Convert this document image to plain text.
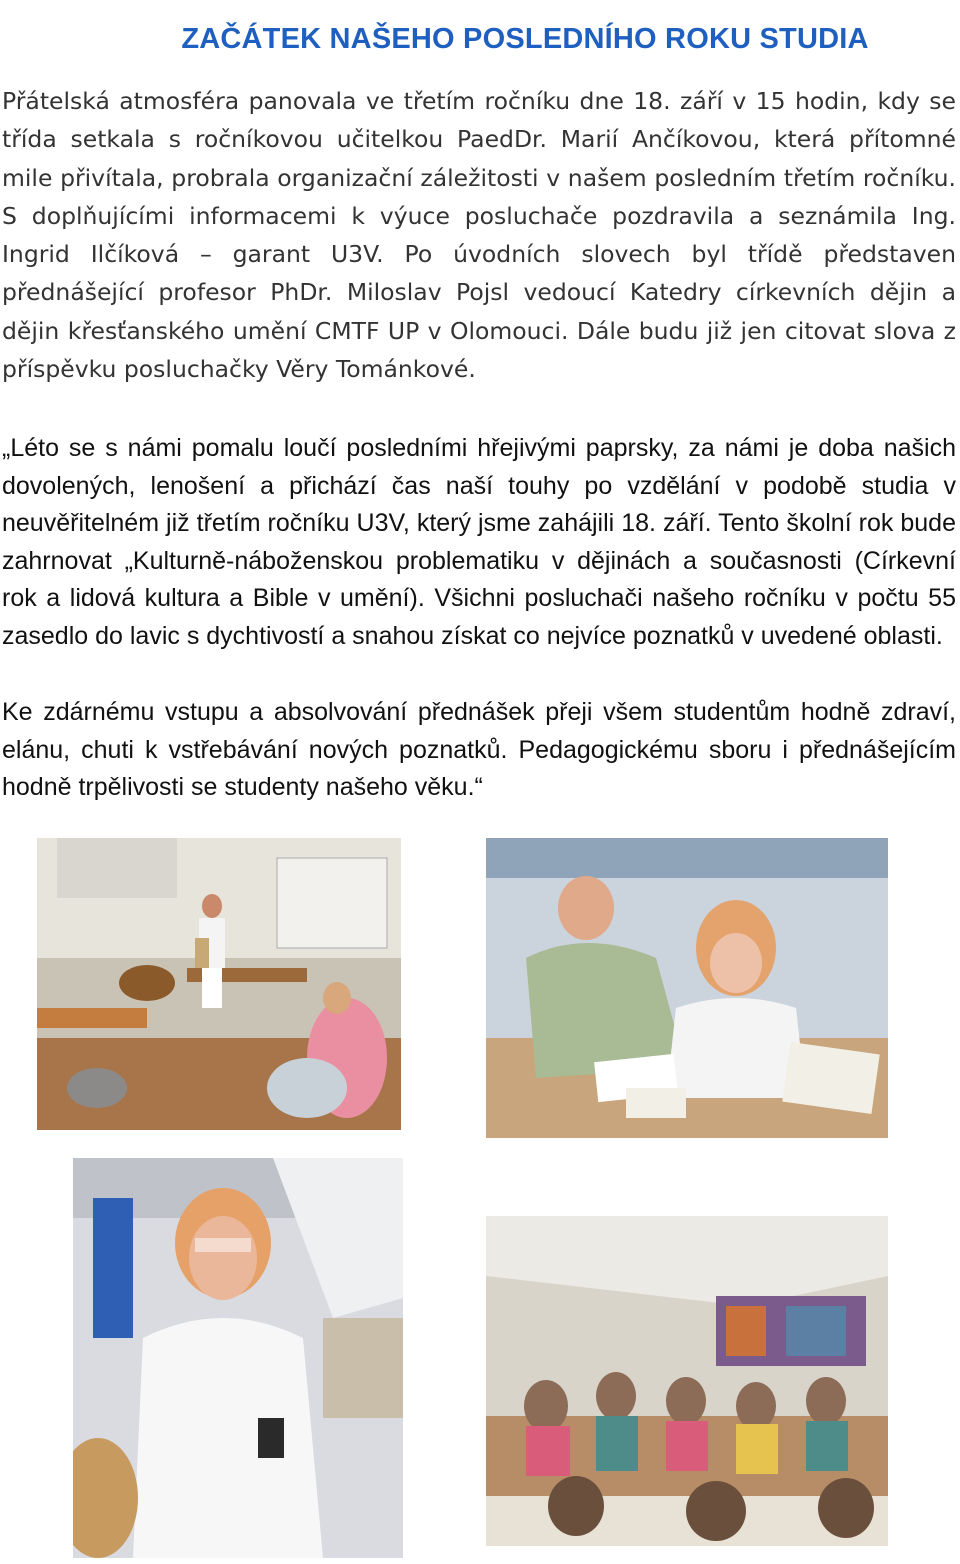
ZAČÁTEK NAŠEHO POSLEDNÍHO ROKU STUDIA

Přátelská atmosféra panovala ve třetím ročníku dne 18. září v 15 hodin, kdy se třída setkala s ročníkovou učitelkou PaedDr. Marií Ančíkovou, která přítomné mile přivítala, probrala organizační záležitosti v našem posledním třetím ročníku. S doplňujícími informacemi k výuce posluchače pozdravila a seznámila Ing. Ingrid Ilčíková – garant U3V. Po úvodních slovech byl třídě představen přednášející profesor PhDr. Miloslav Pojsl vedoucí Katedry církevních dějin a dějin křesťanského umění CMTF UP v Olomouci. Dále budu již jen citovat slova z příspěvku posluchačky Věry Tománkové.

„Léto se s námi pomalu loučí posledními hřejivými paprsky, za námi je doba našich dovolených, lenošení a přichází čas naší touhy po vzdělání v podobě studia v neuvěřitelném již třetím ročníku U3V, který jsme zahájili 18. září. Tento školní rok bude zahrnovat „Kulturně-náboženskou problematiku v dějinách a současnosti (Církevní rok a lidová kultura a Bible v umění). Všichni posluchači našeho ročníku v počtu 55 zasedlo do lavic s dychtivostí a snahou získat co nejvíce poznatků v uvedené oblasti.

Ke zdárnému vstupu a absolvování přednášek přeji všem studentům hodně zdraví, elánu, chuti k vstřebávání nových poznatků. Pedagogickému sboru i přednášejícím hodně trpělivosti se studenty našeho věku.“
